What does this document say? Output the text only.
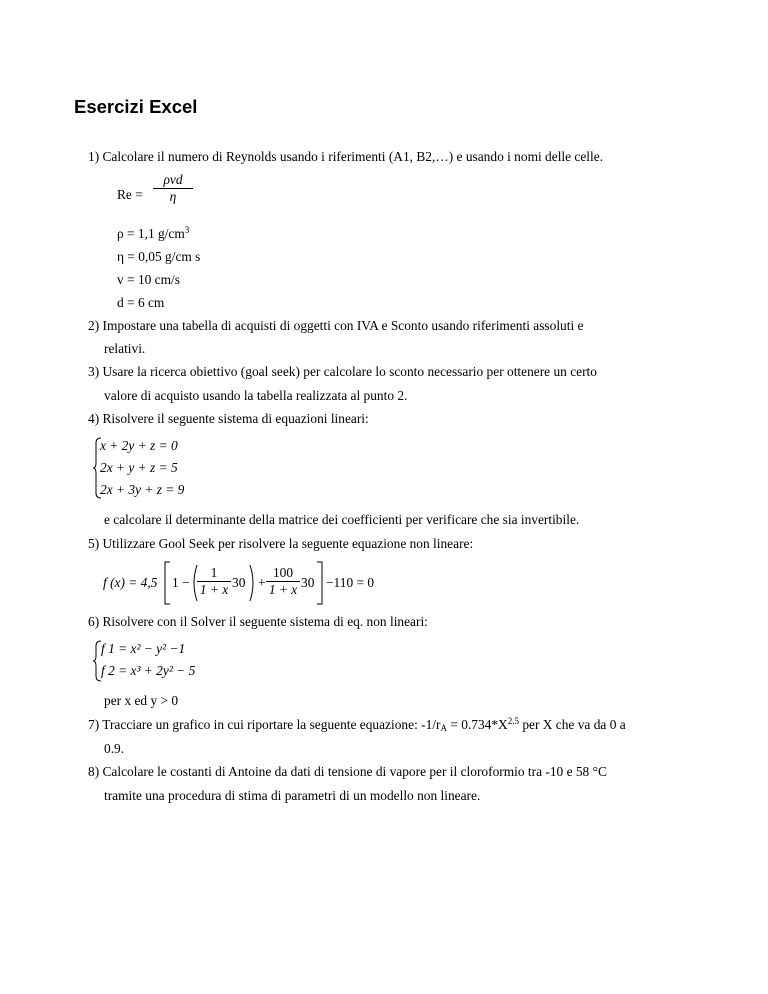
Esercizi Excel
1) Calcolare il numero di Reynolds usando i riferimenti (A1, B2,…) e usando i nomi delle celle.
Re =
ρvd
η
ρ = 1,1 $g/cm^3$
η = 0,05 g/cm s
v = 10 cm/s
d = 6 cm
2) Impostare una tabella di acquisti di oggetti con IVA e Sconto usando riferimenti assoluti e
relativi.
3) Usare la ricerca obiettivo (goal seek) per calcolare lo sconto necessario per ottenere un certo
valore di acquisto usando la tabella realizzata al punto 2.
4) Risolvere il seguente sistema di equazioni lineari:
x + 2y + z = 0
2x + y + z = 5
2x + 3y + z = 9
e calcolare il determinante della matrice dei coefficienti per verificare che sia invertibile.
5) Utilizzare Gool Seek per risolvere la seguente equazione non lineare:
f (x) = 4,5 1 −
1
1 + x 30 +
100
1 + x 30 −110 = 0
6) Risolvere con il Solver il seguente sistema di eq. non lineari:
f 1 = x² − y² −1
f 2 = x³ + 2y² − 5
per x ed y > 0
7) Tracciare un grafico in cui riportare la seguente equazione: $-1/r_A = 0.734*X^{2.5}$ per X che va da 0 a
0.9.
8) Calcolare le costanti di Antoine da dati di tensione di vapore per il cloroformio tra -10 e 58 °C
tramite una procedura di stima di parametri di un modello non lineare.
